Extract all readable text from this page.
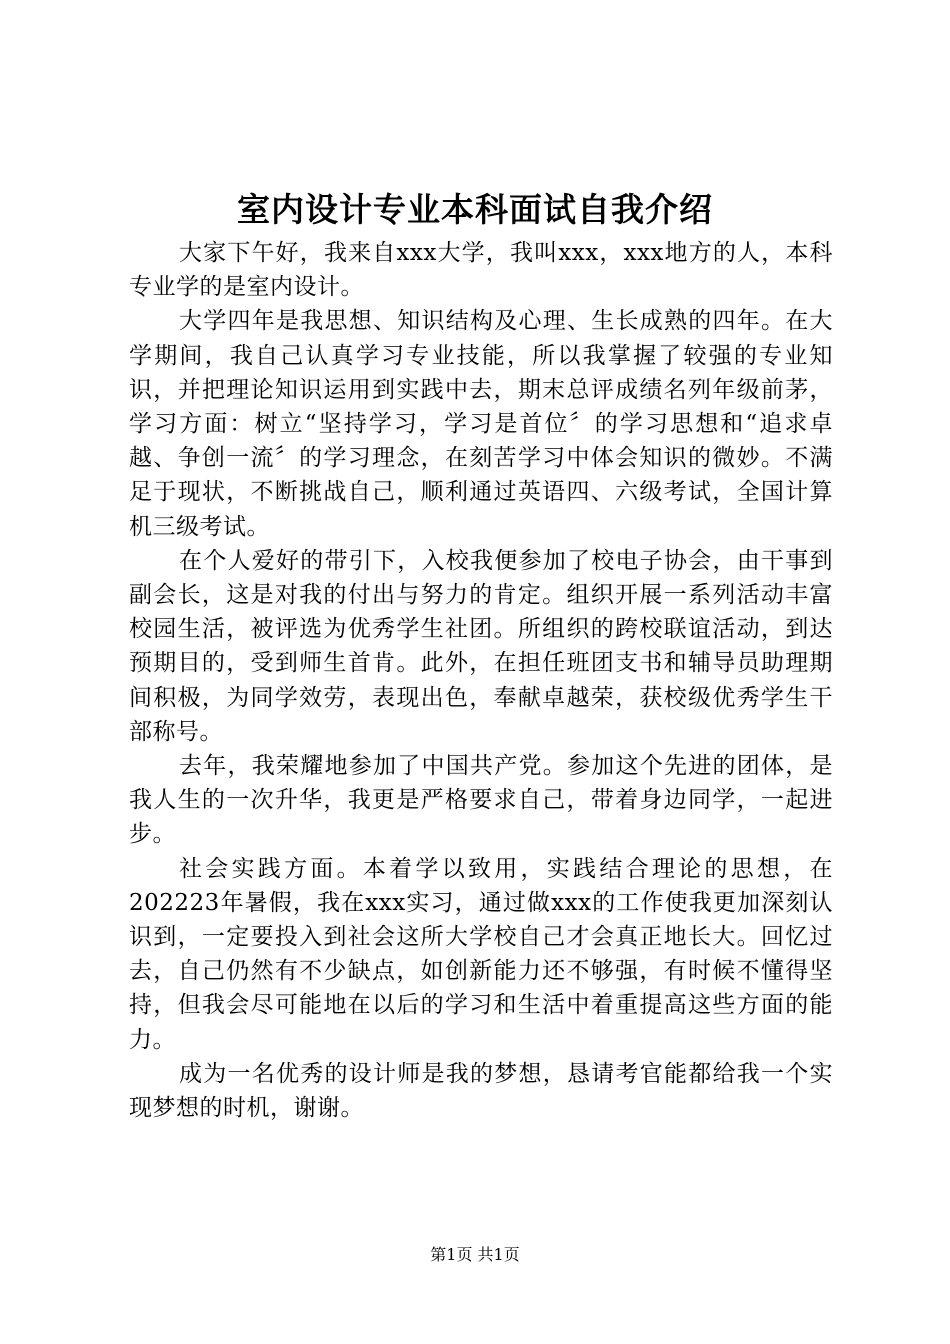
室内设计专业本科面试自我介绍

大家下午好，我来自xxx大学，我叫xxx，xxx地方的人，本科专业学的是室内设计。

大学四年是我思想、知识结构及心理、生长成熟的四年。在大学期间，我自己认真学习专业技能，所以我掌握了较强的专业知识，并把理论知识运用到实践中去，期末总评成绩名列年级前茅，学习方面：树立“坚持学习，学习是首位〞的学习思想和“追求卓越、争创一流〞的学习理念，在刻苦学习中体会知识的微妙。不满足于现状，不断挑战自己，顺利通过英语四、六级考试，全国计算机三级考试。

在个人爱好的带引下，入校我便参加了校电子协会，由干事到副会长，这是对我的付出与努力的肯定。组织开展一系列活动丰富校园生活，被评选为优秀学生社团。所组织的跨校联谊活动，到达预期目的，受到师生首肯。此外，在担任班团支书和辅导员助理期间积极，为同学效劳，表现出色，奉献卓越荣，获校级优秀学生干部称号。

去年，我荣耀地参加了中国共产党。参加这个先进的团体，是我人生的一次升华，我更是严格要求自己，带着身边同学，一起进步。

社会实践方面。本着学以致用，实践结合理论的思想，在202223年暑假，我在xxx实习，通过做xxx的工作使我更加深刻认识到，一定要投入到社会这所大学校自己才会真正地长大。回忆过去，自己仍然有不少缺点，如创新能力还不够强，有时候不懂得坚持，但我会尽可能地在以后的学习和生活中着重提高这些方面的能力。

成为一名优秀的设计师是我的梦想，恳请考官能都给我一个实现梦想的时机，谢谢。

第1页 共1页
